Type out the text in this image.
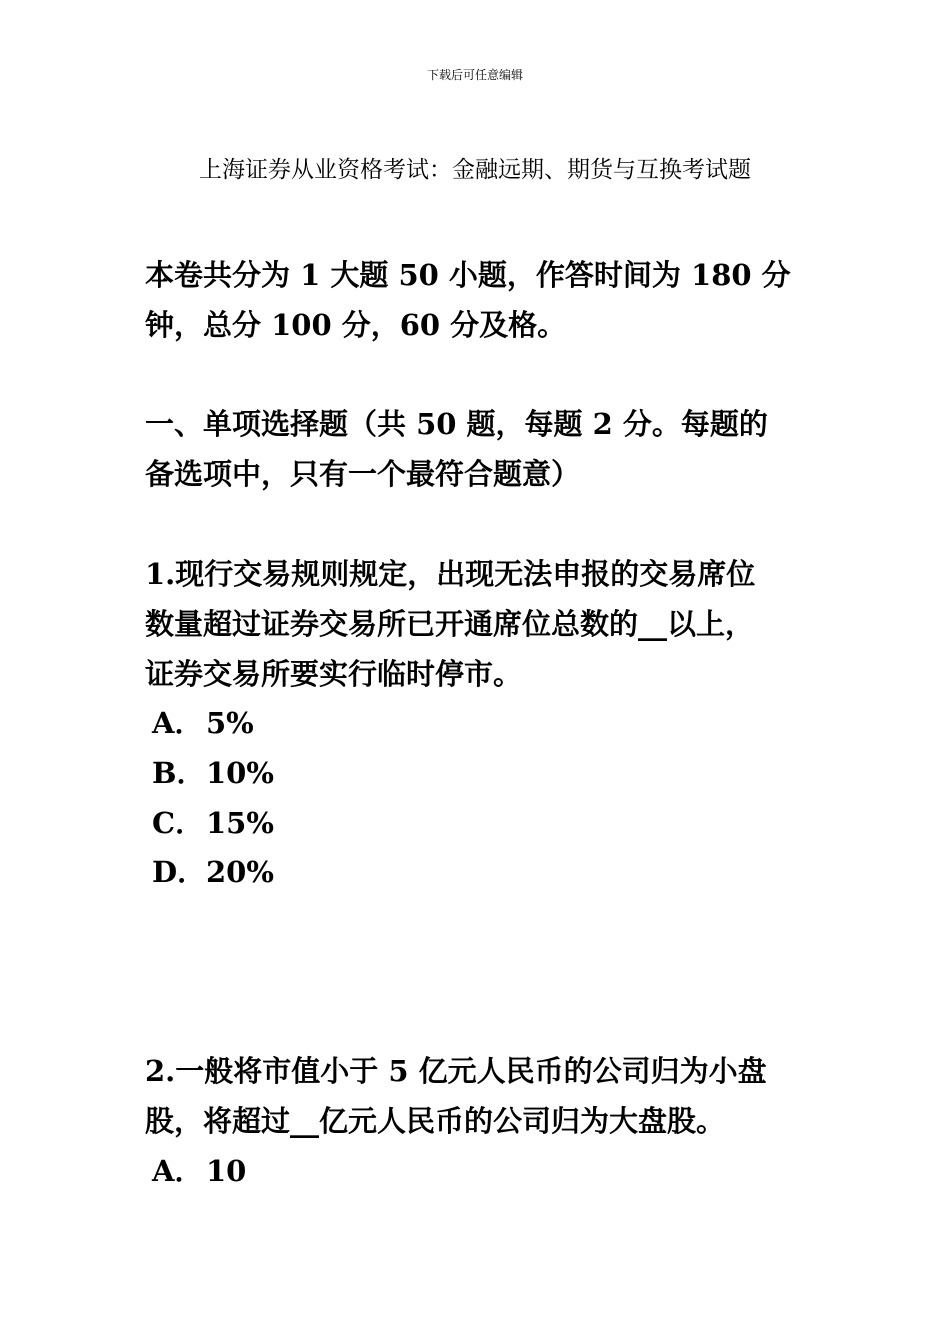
下载后可任意编辑
上海证券从业资格考试：金融远期、期货与互换考试题
本卷共分为 1 大题 50 小题，作答时间为 180 分
钟，总分 100 分，60 分及格。
一、单项选择题（共 50 题，每题 2 分。每题的
备选项中，只有一个最符合题意）
1.现行交易规则规定，出现无法申报的交易席位
数量超过证券交易所已开通席位总数的__以上，
证券交易所要实行临时停市。
A．5%
B．10%
C．15%
D．20%
2.一般将市值小于 5 亿元人民币的公司归为小盘
股，将超过__亿元人民币的公司归为大盘股。
A．10
